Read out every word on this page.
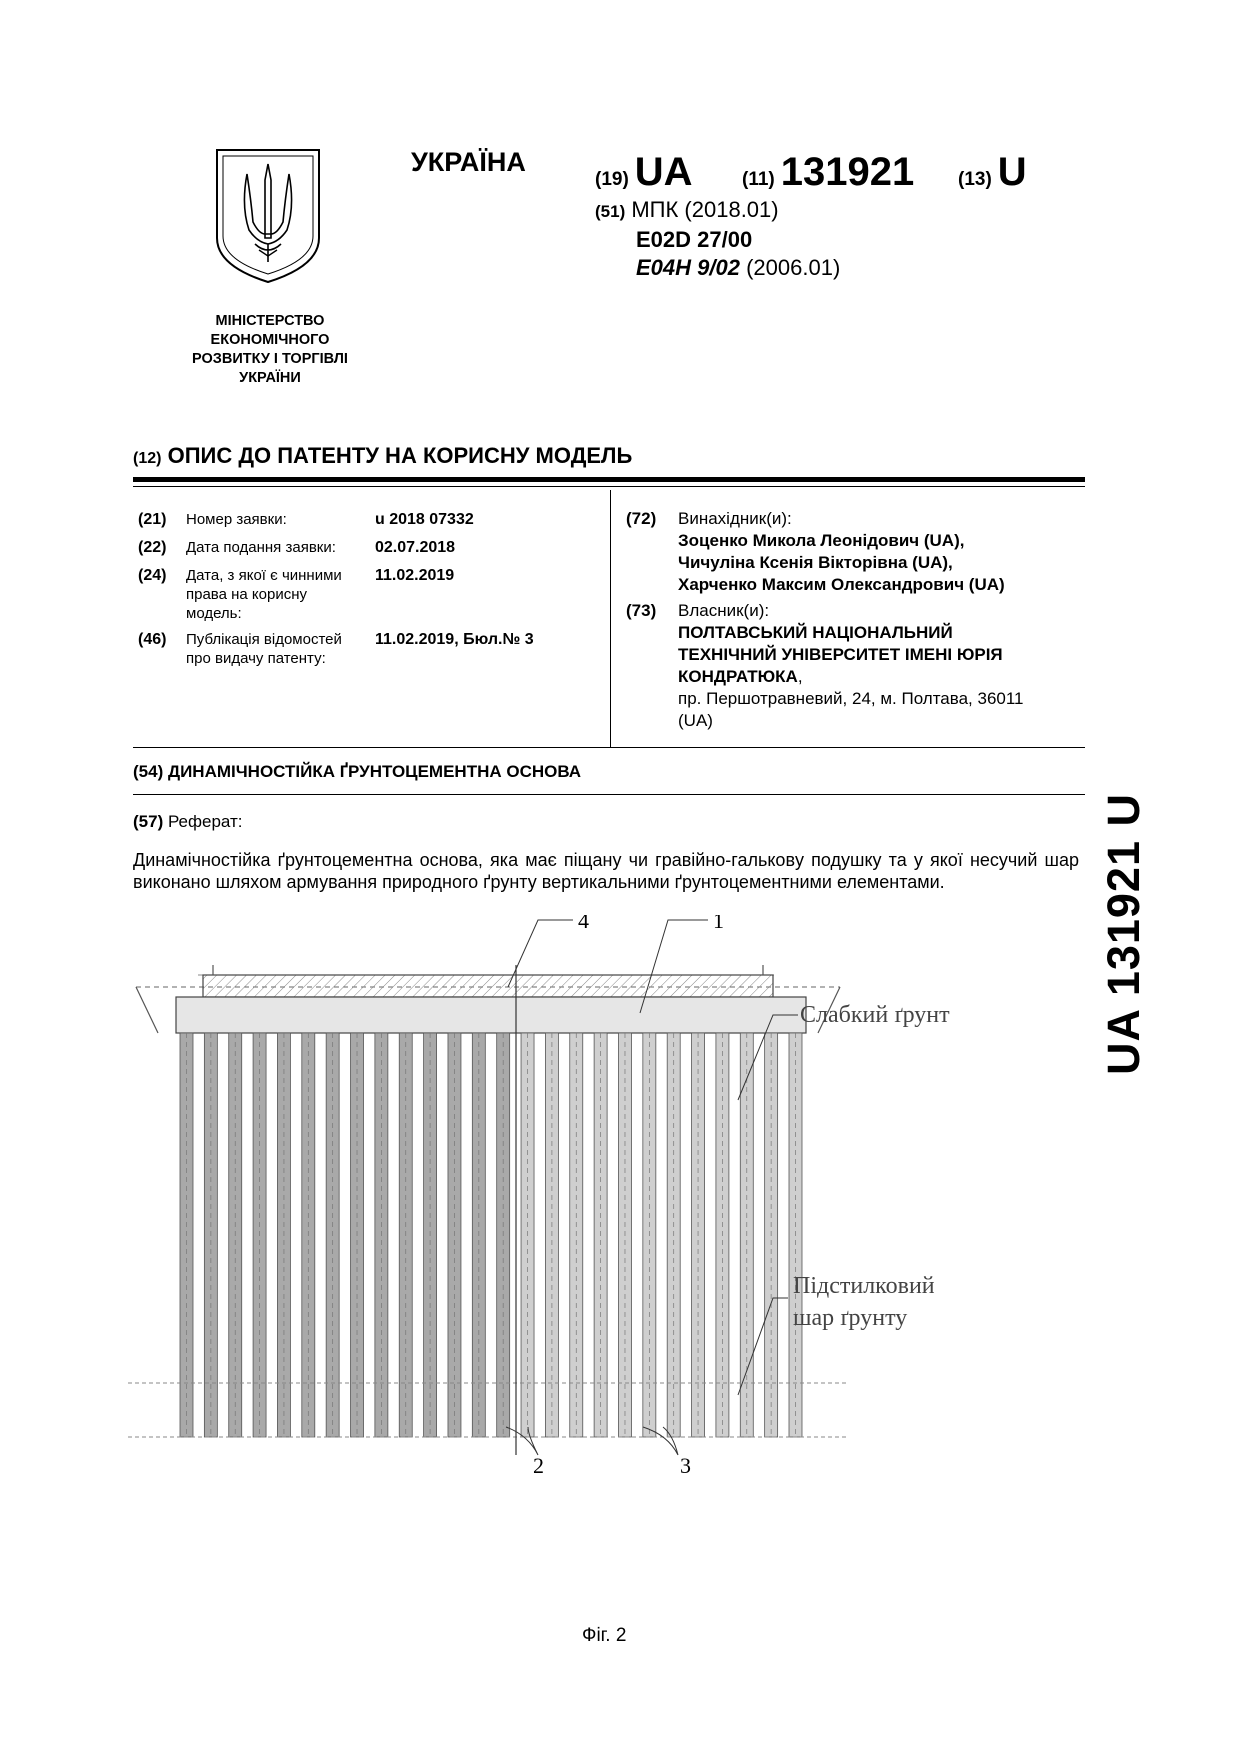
МІНІСТЕРСТВО
ЕКОНОМІЧНОГО
РОЗВИТКУ І ТОРГІВЛІ
УКРАЇНИ
УКРАЇНА
(19) UA	(11) 131921 (13) U
(51) МПК (2018.01)
E02D 27/00
E04H 9/02 (2006.01)
(12) ОПИС ДО ПАТЕНТУ НА КОРИСНУ МОДЕЛЬ
(21) Номер заявки:	u 2018 07332
(22) Дата подання заявки:	02.07.2018
(24) Дата, з якої є чинними права на корисну модель:
11.02.2019
(46) Публікація відомостей про видачу патенту:
11.02.2019, Бюл.№ 3
(72) Винахідник(и):
Зоценко Микола Леонідович (UA),
Чичуліна Ксенія Вікторівна (UA),
Харченко Максим Олександрович (UA)
(73) Власник(и):
ПОЛТАВСЬКИЙ НАЦІОНАЛЬНИЙ
ТЕХНІЧНИЙ УНІВЕРСИТЕТ ІМЕНІ ЮРІЯ
КОНДРАТЮКА,
пр. Першотравневий, 24, м. Полтава, 36011
(UA)
(54) ДИНАМІЧНОСТІЙКА ҐРУНТОЦЕМЕНТНА ОСНОВА
(57) Реферат:
Динамічностійка ґрунтоцементна основа, яка має піщану чи гравійно-гальковy подушку та у якої несучий шар виконано шляхом армування природного ґрунту вертикальними ґрунтоцементними елементами.
4	1
2	3
Слабкий ґрунт
Підстилковий
шар ґрунту
Фіг. 2
UA 131921 U
